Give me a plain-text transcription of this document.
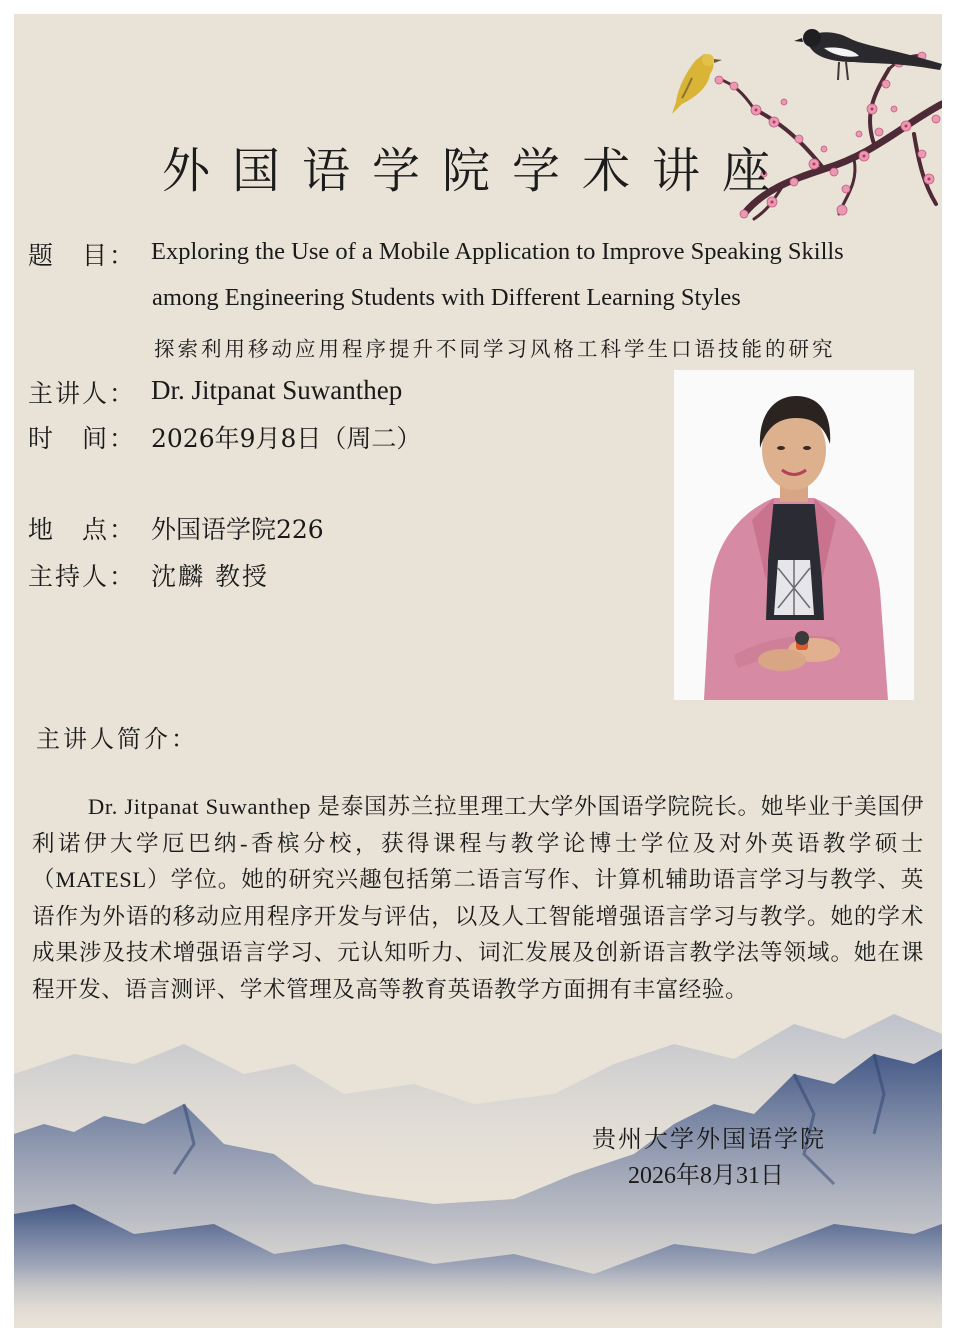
外国语学院学术讲座
题　目： Exploring the Use of a Mobile Application to Improve Speaking Skills
among Engineering Students with Different Learning Styles
探索利用移动应用程序提升不同学习风格工科学生口语技能的研究
主讲人： Dr. Jitpanat Suwanthep
时　间： 2026年9月8日（周二）
地　点： 外国语学院226
主持人： 沈麟 教授
主讲人简介：
Dr. Jitpanat Suwanthep 是泰国苏兰拉里理工大学外国语学院院长。她毕业于美国伊利诺伊大学厄巴纳-香槟分校，获得课程与教学论博士学位及对外英语教学硕士（MATESL）学位。她的研究兴趣包括第二语言写作、计算机辅助语言学习与教学、英语作为外语的移动应用程序开发与评估，以及人工智能增强语言学习与教学。她的学术成果涉及技术增强语言学习、元认知听力、词汇发展及创新语言教学法等领域。她在课程开发、语言测评、学术管理及高等教育英语教学方面拥有丰富经验。
贵州大学外国语学院
2026年8月31日
